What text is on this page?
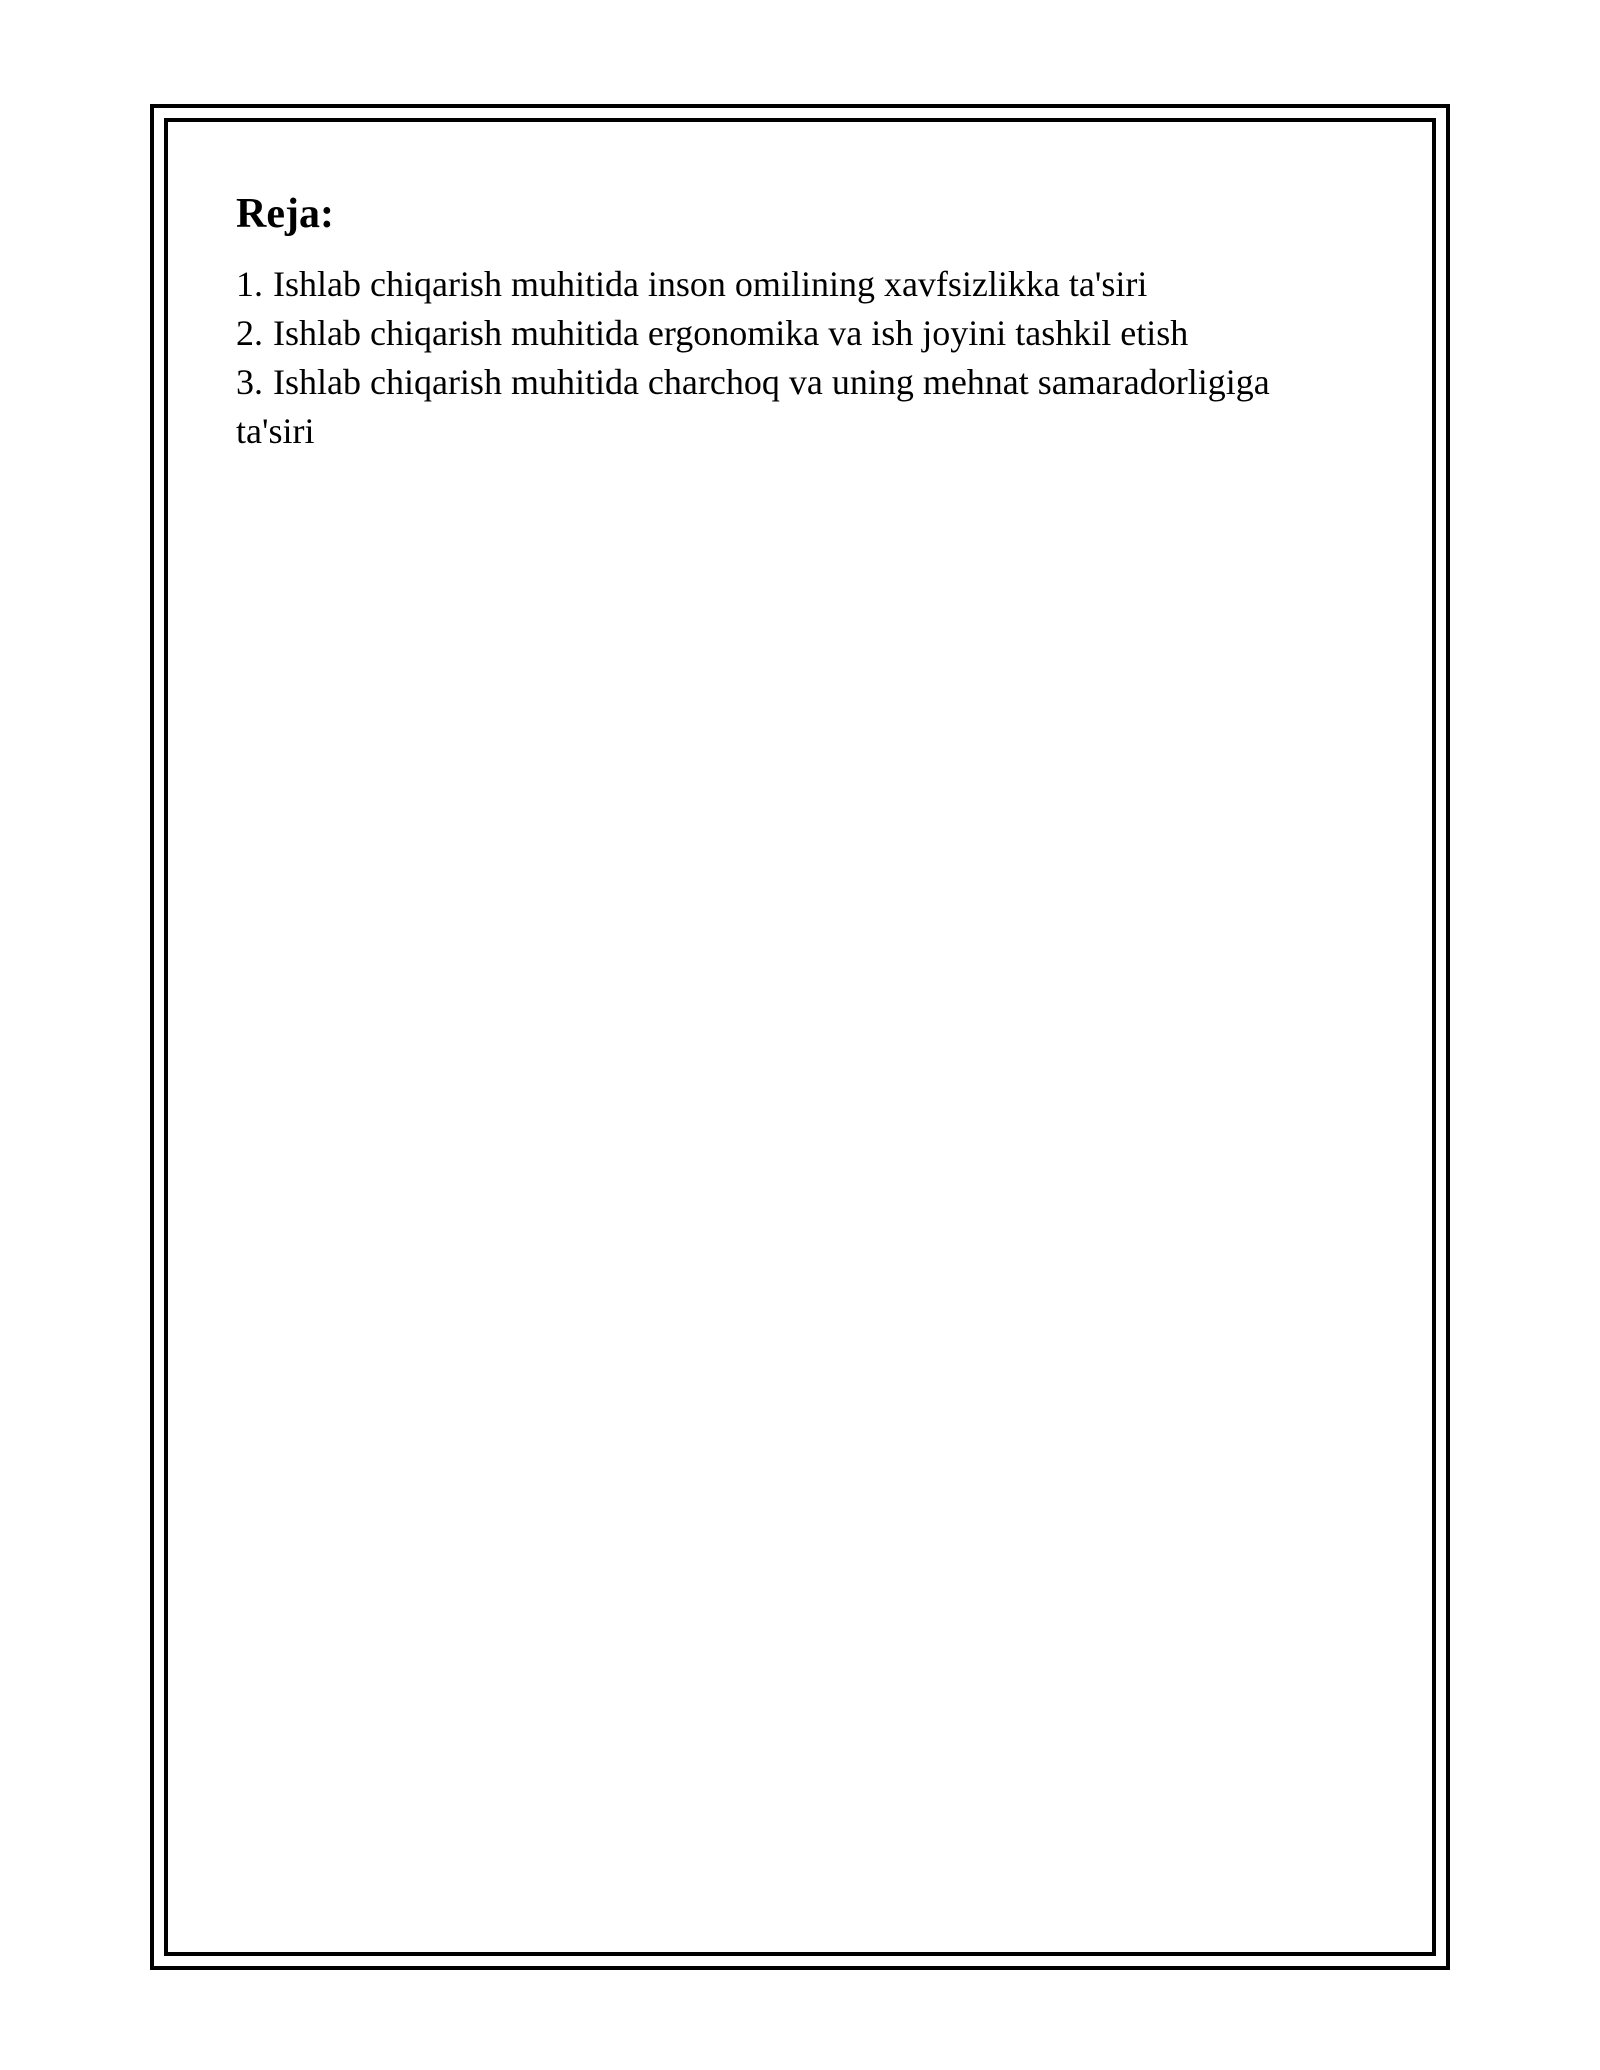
Reja:
1. Ishlab chiqarish muhitida inson omilining xavfsizlikka ta'siri
2. Ishlab chiqarish muhitida ergonomika va ish joyini tashkil etish
3. Ishlab chiqarish muhitida charchoq va uning mehnat samaradorligiga ta'siri
